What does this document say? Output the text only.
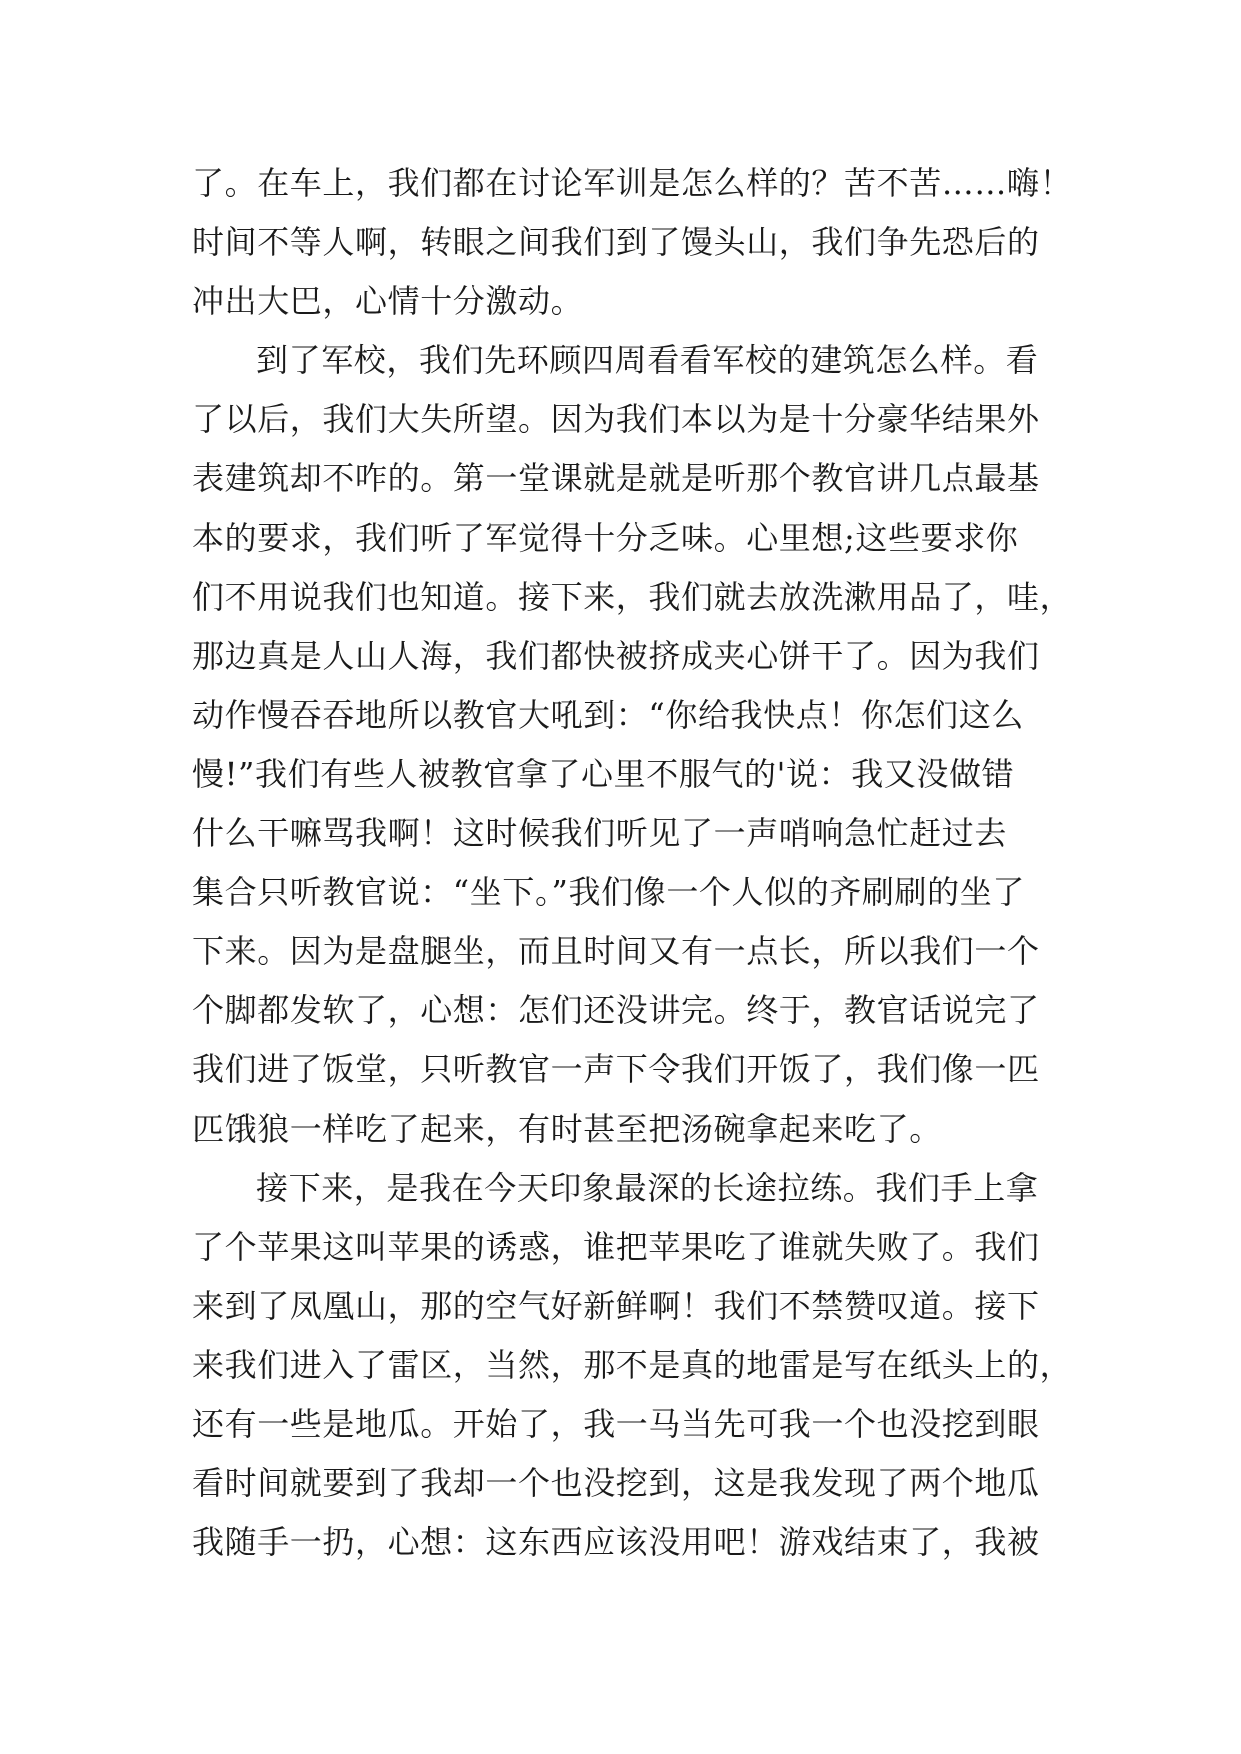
了。在车上，我们都在讨论军训是怎么样的？苦不苦……嗨！
时间不等人啊，转眼之间我们到了馒头山，我们争先恐后的
冲出大巴，心情十分激动。
到了军校，我们先环顾四周看看军校的建筑怎么样。看
了以后，我们大失所望。因为我们本以为是十分豪华结果外
表建筑却不咋的。第一堂课就是就是听那个教官讲几点最基
本的要求，我们听了军觉得十分乏味。心里想;这些要求你
们不用说我们也知道。接下来，我们就去放洗漱用品了，哇，
那边真是人山人海，我们都快被挤成夹心饼干了。因为我们
动作慢吞吞地所以教官大吼到：“你给我快点！你怎们这么
慢!”我们有些人被教官拿了心里不服气的'说：我又没做错
什么干嘛骂我啊！这时候我们听见了一声哨响急忙赶过去
集合只听教官说：“坐下。”我们像一个人似的齐刷刷的坐了
下来。因为是盘腿坐，而且时间又有一点长，所以我们一个
个脚都发软了，心想：怎们还没讲完。终于，教官话说完了
我们进了饭堂，只听教官一声下令我们开饭了，我们像一匹
匹饿狼一样吃了起来，有时甚至把汤碗拿起来吃了。
接下来，是我在今天印象最深的长途拉练。我们手上拿
了个苹果这叫苹果的诱惑，谁把苹果吃了谁就失败了。我们
来到了凤凰山，那的空气好新鲜啊！我们不禁赞叹道。接下
来我们进入了雷区，当然，那不是真的地雷是写在纸头上的，
还有一些是地瓜。开始了，我一马当先可我一个也没挖到眼
看时间就要到了我却一个也没挖到，这是我发现了两个地瓜
我随手一扔，心想：这东西应该没用吧！游戏结束了，我被
